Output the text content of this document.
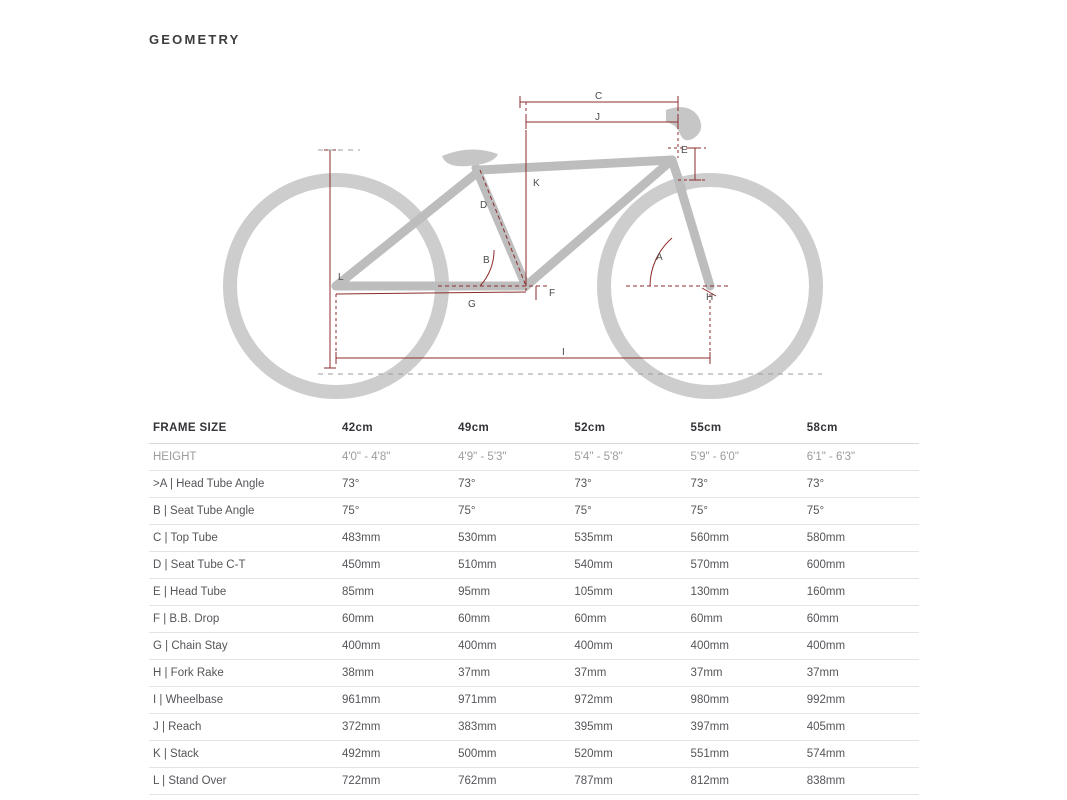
GEOMETRY
C
J
E
K
D
B
F
G
A
H
I
L
FRAME SIZE	42cm	49cm	52cm	55cm	58cm
HEIGHT	4'0" - 4'8"	4'9" - 5'3"	5'4" - 5'8"	5'9" - 6'0"	6'1" - 6'3"
>A | Head Tube Angle	73°	73°	73°	73°	73°
B | Seat Tube Angle	75°	75°	75°	75°	75°
C | Top Tube	483mm	530mm	535mm	560mm	580mm
D | Seat Tube C-T	450mm	510mm	540mm	570mm	600mm
E | Head Tube	85mm	95mm	105mm	130mm	160mm
F | B.B. Drop	60mm	60mm	60mm	60mm	60mm
G | Chain Stay	400mm	400mm	400mm	400mm	400mm
H | Fork Rake	38mm	37mm	37mm	37mm	37mm
I | Wheelbase	961mm	971mm	972mm	980mm	992mm
J | Reach	372mm	383mm	395mm	397mm	405mm
K | Stack	492mm	500mm	520mm	551mm	574mm
L | Stand Over	722mm	762mm	787mm	812mm	838mm
